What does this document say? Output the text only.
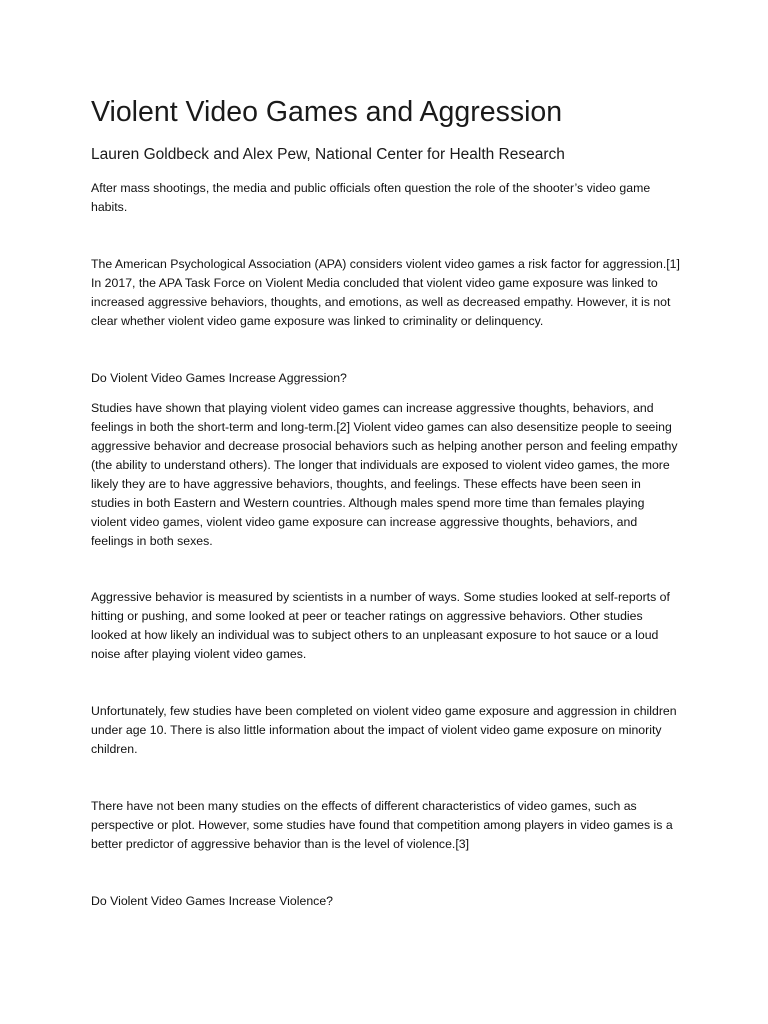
Violent Video Games and Aggression
Lauren Goldbeck and Alex Pew, National Center for Health Research

After mass shootings, the media and public officials often question the role of the shooter’s video game habits.

The American Psychological Association (APA) considers violent video games a risk factor for aggression.[1] In 2017, the APA Task Force on Violent Media concluded that violent video game exposure was linked to increased aggressive behaviors, thoughts, and emotions, as well as decreased empathy. However, it is not clear whether violent video game exposure was linked to criminality or delinquency.

Do Violent Video Games Increase Aggression?

Studies have shown that playing violent video games can increase aggressive thoughts, behaviors, and feelings in both the short-term and long-term.[2] Violent video games can also desensitize people to seeing aggressive behavior and decrease prosocial behaviors such as helping another person and feeling empathy (the ability to understand others). The longer that individuals are exposed to violent video games, the more likely they are to have aggressive behaviors, thoughts, and feelings. These effects have been seen in studies in both Eastern and Western countries. Although males spend more time than females playing violent video games, violent video game exposure can increase aggressive thoughts, behaviors, and feelings in both sexes.

Aggressive behavior is measured by scientists in a number of ways. Some studies looked at self-reports of hitting or pushing, and some looked at peer or teacher ratings on aggressive behaviors. Other studies looked at how likely an individual was to subject others to an unpleasant exposure to hot sauce or a loud noise after playing violent video games.

Unfortunately, few studies have been completed on violent video game exposure and aggression in children under age 10. There is also little information about the impact of violent video game exposure on minority children.

There have not been many studies on the effects of different characteristics of video games, such as perspective or plot. However, some studies have found that competition among players in video games is a better predictor of aggressive behavior than is the level of violence.[3]

Do Violent Video Games Increase Violence?
